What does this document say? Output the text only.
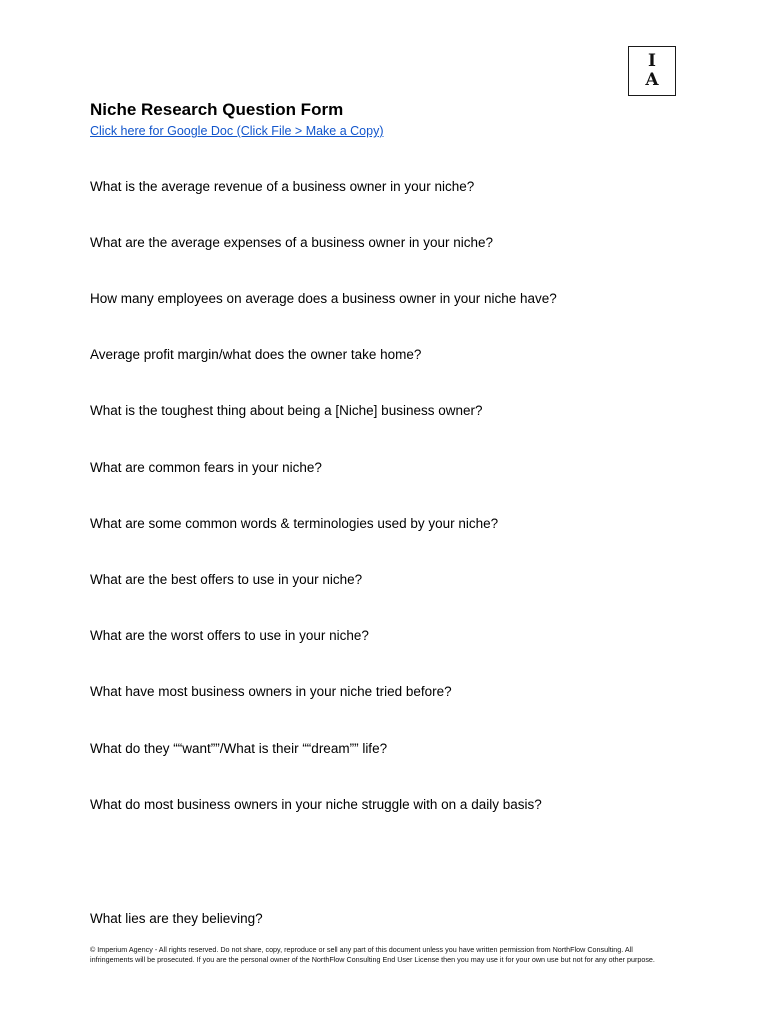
I
A
Niche Research Question Form
Click here for Google Doc (Click File > Make a Copy)

What is the average revenue of a business owner in your niche?

What are the average expenses of a business owner in your niche?

How many employees on average does a business owner in your niche have?

Average profit margin/what does the owner take home?

What is the toughest thing about being a [Niche] business owner?

What are common fears in your niche?

What are some common words & terminologies used by your niche?

What are the best offers to use in your niche?

What are the worst offers to use in your niche?

What have most business owners in your niche tried before?

What do they ““want””/What is their ““dream”” life?

What do most business owners in your niche struggle with on a daily basis?

What lies are they believing?

© Imperium Agency - All rights reserved. Do not share, copy, reproduce or sell any part of this document unless you have written permission from NorthFlow Consulting. All infringements will be prosecuted. If you are the personal owner of the NorthFlow Consulting End User License then you may use it for your own use but not for any other purpose.
